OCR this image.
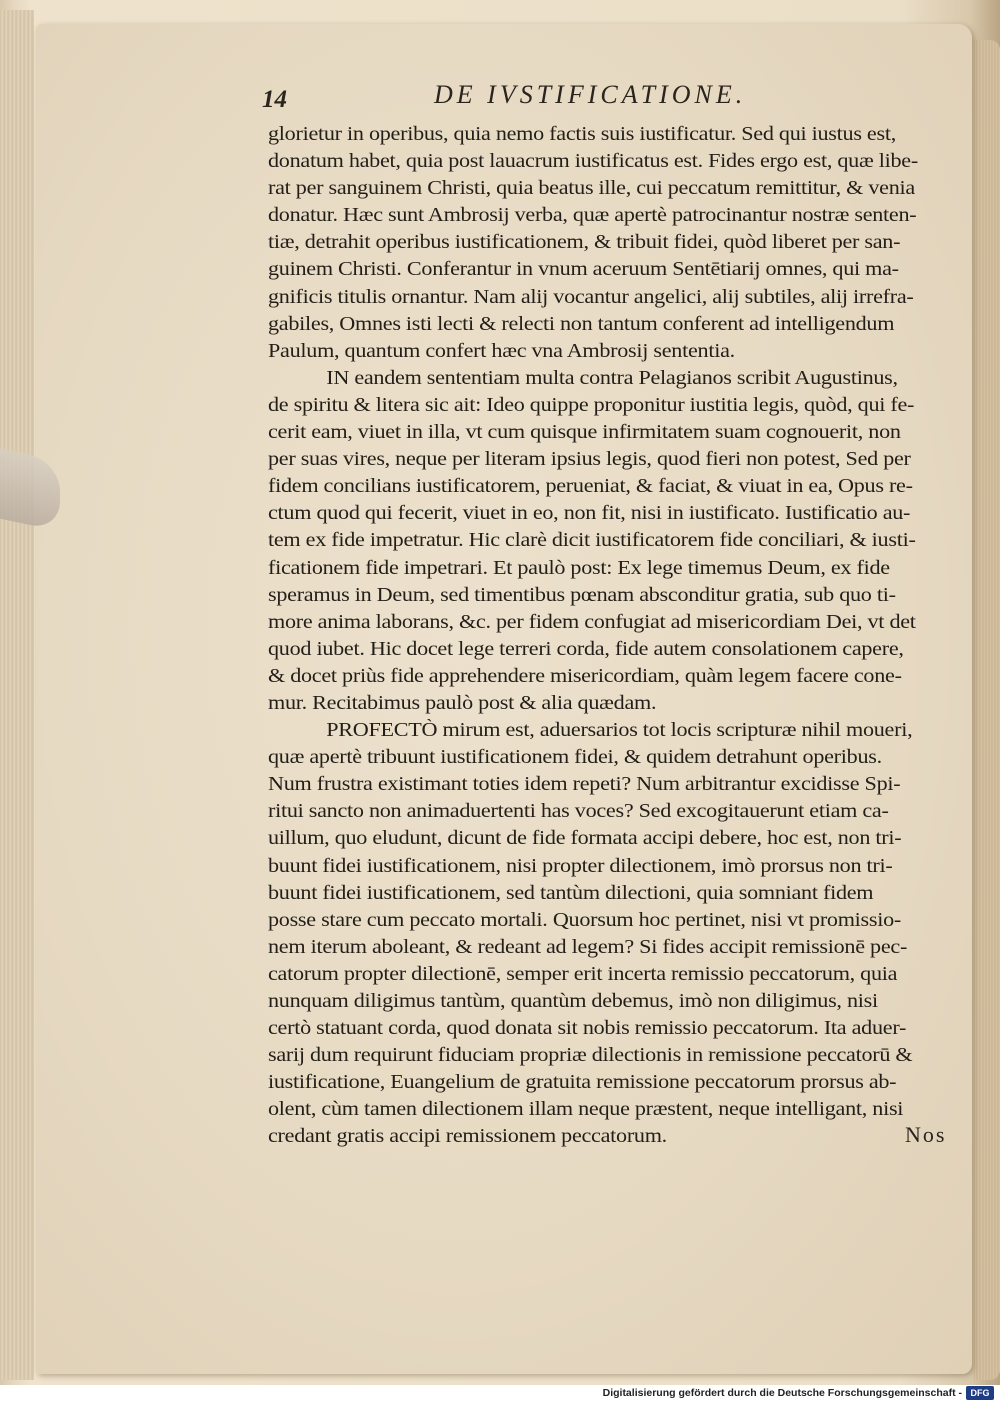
14	DE IVSTIFICATIONE.
glorietur in operibus, quia nemo factis suis iustificatur. Sed qui iustus est,
donatum habet, quia post lauacrum iustificatus est. Fides ergo est, quæ libe-
rat per sanguinem Christi, quia beatus ille, cui peccatum remittitur, & venia
donatur. Hæc sunt Ambrosij verba, quæ apertè patrocinantur nostræ senten-
tiæ, detrahit operibus iustificationem, & tribuit fidei, quòd liberet per san-
guinem Christi. Conferantur in vnum aceruum Sentētiarij omnes, qui ma-
gnificis titulis ornantur. Nam alij vocantur angelici, alij subtiles, alij irrefra-
gabiles, Omnes isti lecti & relecti non tantum conferent ad intelligendum
Paulum, quantum confert hæc vna Ambrosij sententia.
IN eandem sententiam multa contra Pelagianos scribit Augustinus,
de spiritu & litera sic ait: Ideo quippe proponitur iustitia legis, quòd, qui fe-
cerit eam, viuet in illa, vt cum quisque infirmitatem suam cognouerit, non
per suas vires, neque per literam ipsius legis, quod fieri non potest, Sed per
fidem concilians iustificatorem, perueniat, & faciat, & viuat in ea, Opus re-
ctum quod qui fecerit, viuet in eo, non fit, nisi in iustificato. Iustificatio au-
tem ex fide impetratur. Hic clarè dicit iustificatorem fide conciliari, & iusti-
ficationem fide impetrari. Et paulò post: Ex lege timemus Deum, ex fide
speramus in Deum, sed timentibus pœnam absconditur gratia, sub quo ti-
more anima laborans, &c. per fidem confugiat ad misericordiam Dei, vt det
quod iubet. Hic docet lege terreri corda, fide autem consolationem capere,
& docet priùs fide apprehendere misericordiam, quàm legem facere cone-
mur. Recitabimus paulò post & alia quædam.
PROFECTÒ mirum est, aduersarios tot locis scripturæ nihil moueri,
quæ apertè tribuunt iustificationem fidei, & quidem detrahunt operibus.
Num frustra existimant toties idem repeti? Num arbitrantur excidisse Spi-
ritui sancto non animaduertenti has voces? Sed excogitauerunt etiam ca-
uillum, quo eludunt, dicunt de fide formata accipi debere, hoc est, non tri-
buunt fidei iustificationem, nisi propter dilectionem, imò prorsus non tri-
buunt fidei iustificationem, sed tantùm dilectioni, quia somniant fidem
posse stare cum peccato mortali. Quorsum hoc pertinet, nisi vt promissio-
nem iterum aboleant, & redeant ad legem? Si fides accipit remissionē pec-
catorum propter dilectionē, semper erit incerta remissio peccatorum, quia
nunquam diligimus tantùm, quantùm debemus, imò non diligimus, nisi
certò statuant corda, quod donata sit nobis remissio peccatorum. Ita aduer-
sarij dum requirunt fiduciam propriæ dilectionis in remissione peccatorū &
iustificatione, Euangelium de gratuita remissione peccatorum prorsus ab-
olent, cùm tamen dilectionem illam neque præstent, neque intelligant, nisi
credant gratis accipi remissionem peccatorum.	Nos
Digitalisierung gefördert durch die Deutsche Forschungsgemeinschaft - DFG
